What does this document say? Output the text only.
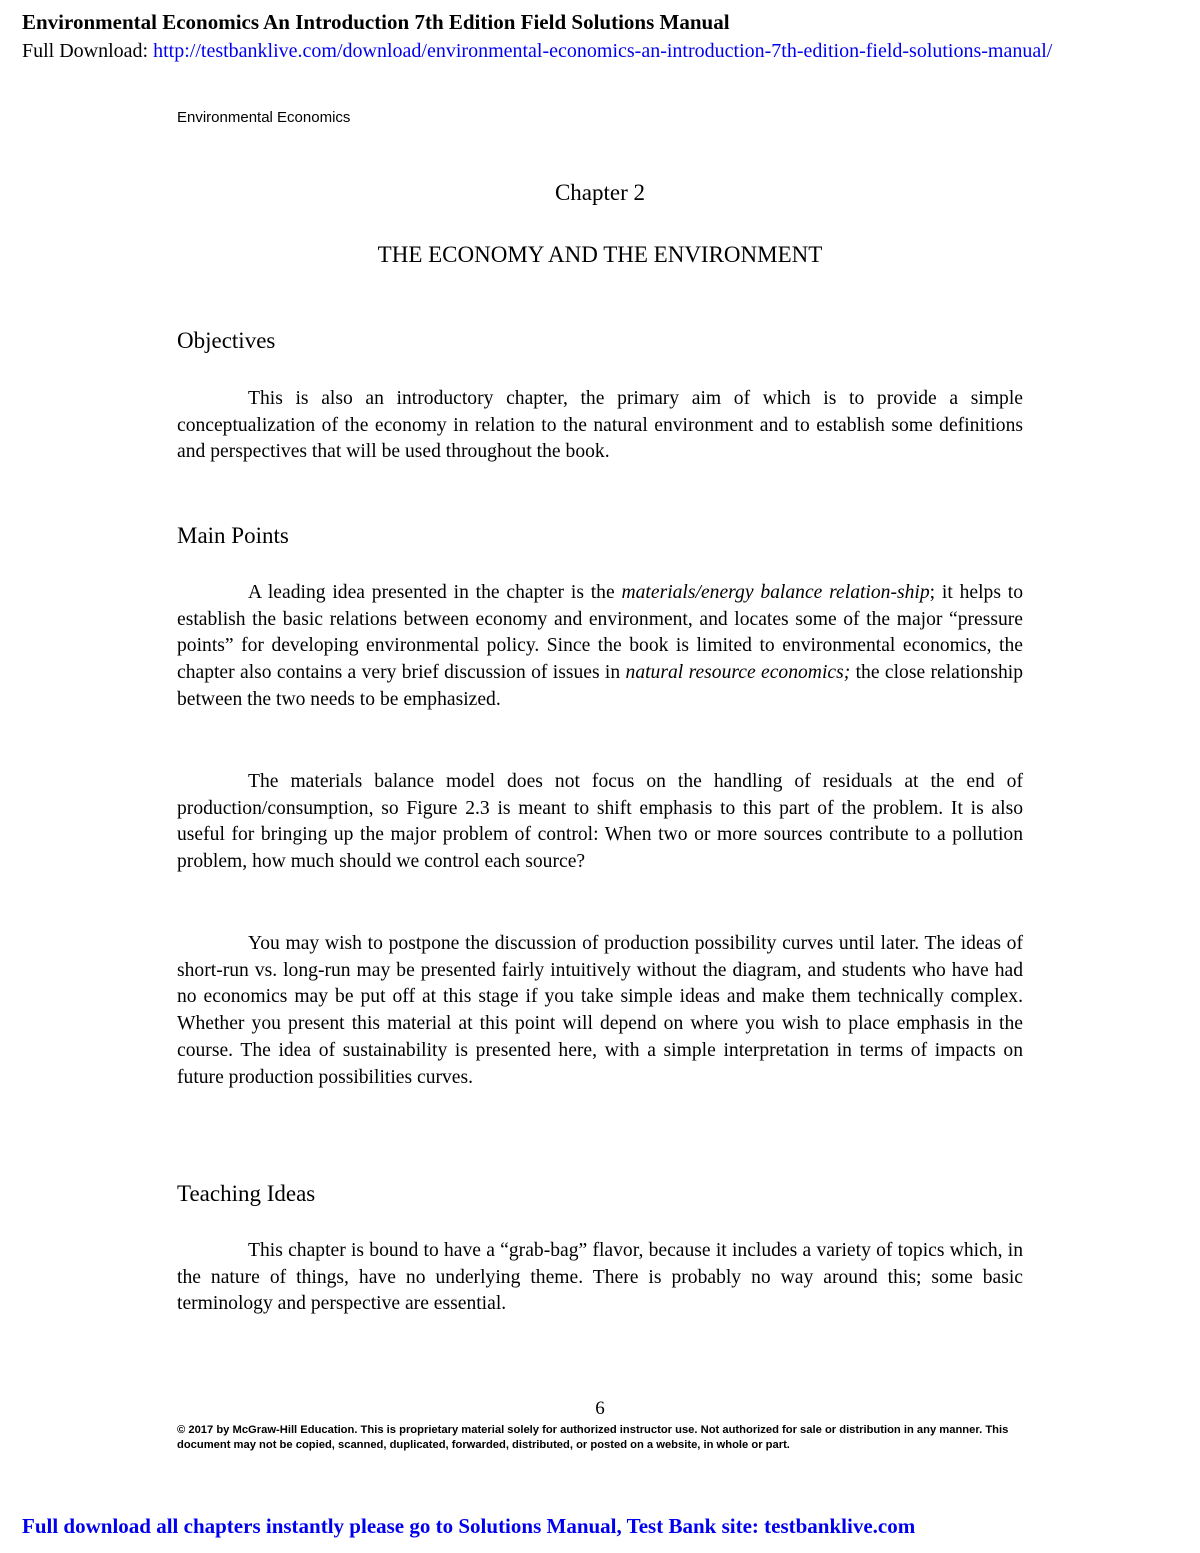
Environmental Economics An Introduction 7th Edition Field Solutions Manual
Full Download: http://testbanklive.com/download/environmental-economics-an-introduction-7th-edition-field-solutions-manual/
Environmental Economics
Chapter 2
THE ECONOMY AND THE ENVIRONMENT
Objectives

This is also an introductory chapter, the primary aim of which is to provide a simple conceptualization of the economy in relation to the natural environment and to establish some definitions and perspectives that will be used throughout the book.

Main Points

A leading idea presented in the chapter is the materials/energy balance relation-ship; it helps to establish the basic relations between economy and environment, and locates some of the major “pressure points” for developing environmental policy. Since the book is limited to environmental economics, the chapter also contains a very brief discussion of issues in natural resource economics; the close relationship between the two needs to be emphasized.

The materials balance model does not focus on the handling of residuals at the end of production/consumption, so Figure 2.3 is meant to shift emphasis to this part of the problem. It is also useful for bringing up the major problem of control: When two or more sources contribute to a pollution problem, how much should we control each source?

You may wish to postpone the discussion of production possibility curves until later. The ideas of short-run vs. long-run may be presented fairly intuitively without the diagram, and students who have had no economics may be put off at this stage if you take simple ideas and make them technically complex. Whether you present this material at this point will depend on where you wish to place emphasis in the course. The idea of sustainability is presented here, with a simple interpretation in terms of impacts on future production possibilities curves.

Teaching Ideas

This chapter is bound to have a “grab-bag” flavor, because it includes a variety of topics which, in the nature of things, have no underlying theme. There is probably no way around this; some basic terminology and perspective are essential.

6

© 2017 by McGraw-Hill Education. This is proprietary material solely for authorized instructor use. Not authorized for sale or distribution in any manner. This document may not be copied, scanned, duplicated, forwarded, distributed, or posted on a website, in whole or part.

Full download all chapters instantly please go to Solutions Manual, Test Bank site: testbanklive.com
